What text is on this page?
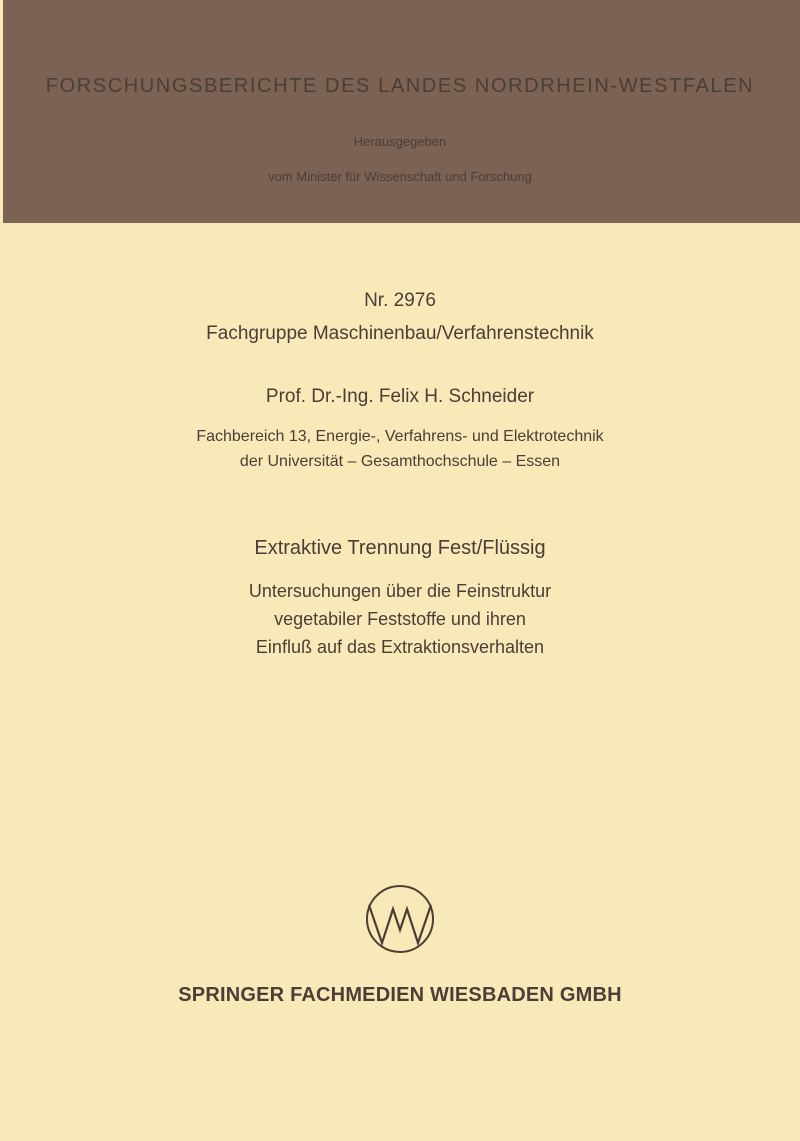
FORSCHUNGSBERICHTE DES LANDES NORDRHEIN-WESTFALEN
Herausgegeben
vom Minister für Wissenschaft und Forschung
Nr. 2976
Fachgruppe Maschinenbau/Verfahrenstechnik
Prof. Dr.-Ing. Felix H. Schneider
Fachbereich 13, Energie-, Verfahrens- und Elektrotechnik
der Universität – Gesamthochschule – Essen
Extraktive Trennung Fest/Flüssig
Untersuchungen über die Feinstruktur
vegetabiler Feststoffe und ihren
Einfluß auf das Extraktionsverhalten
SPRINGER FACHMEDIEN WIESBADEN GMBH
